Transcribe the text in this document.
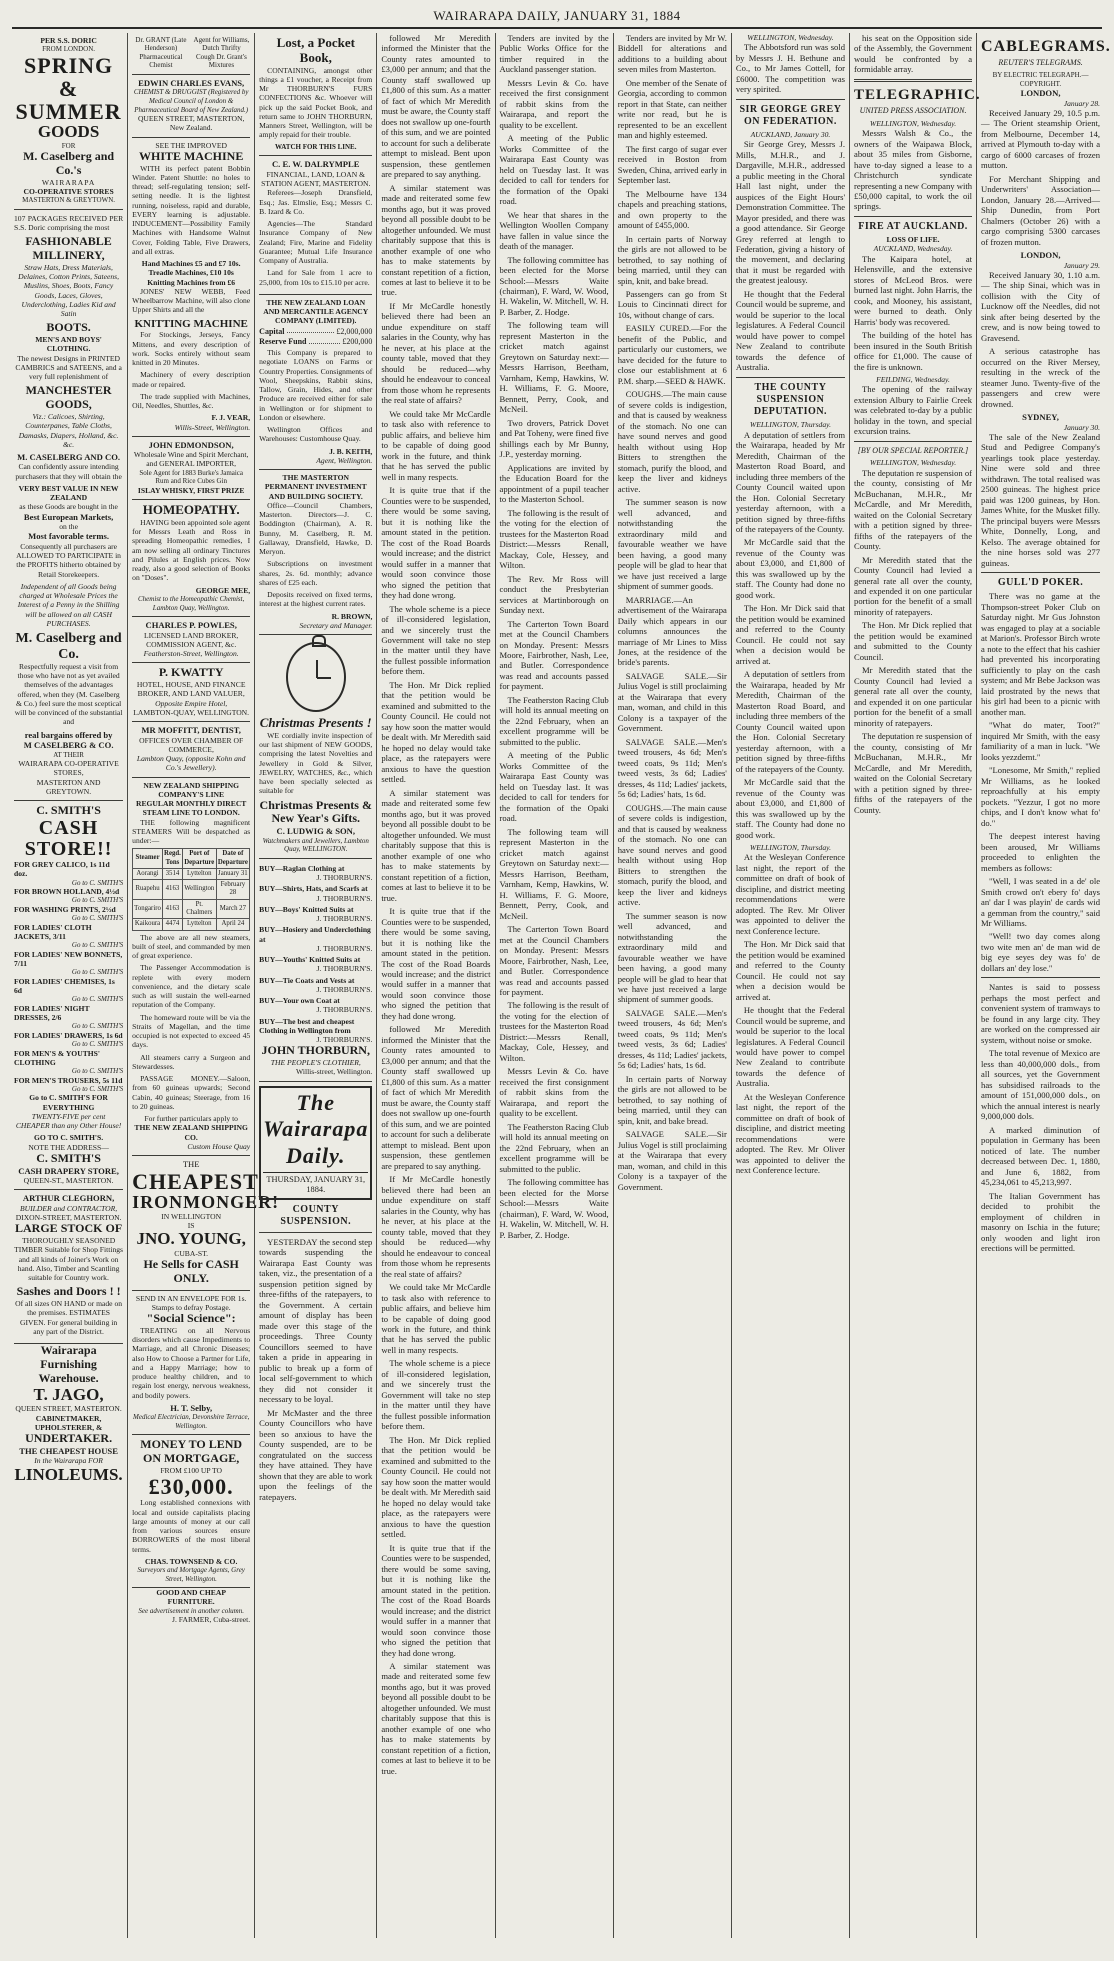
WAIRARAPA DAILY, JANUARY 31, 1884
PER S.S. DORIC
FROM LONDON.
SPRING &
SUMMER
GOODS
FOR
M. Caselberg and Co.'s
WAIRARAPA
CO-OPERATIVE STORES
MASTERTON & GREYTOWN.

107 PACKAGES RECEIVED PER S.S. Doric comprising the most

FASHIONABLE
MILLINERY,

Straw Hats, Dress Materials, Delaines, Cotton Prints, Sateens, Muslins, Shoes, Boots, Fancy Goods, Laces, Gloves, Underclothing, Ladies Kid and Satin

BOOTS.
MEN'S AND BOYS' CLOTHING.

The newest Designs in PRINTED CAMBRICS and SATEENS, and a very full replenishment of

MANCHESTER GOODS,

Viz.: Calicoes, Shirting, Counterpanes, Table Cloths, Damasks, Diapers, Holland, &c. &c.

M. CASELBERG AND CO.

Can confidently assure intending purchasers that they will obtain the

VERY BEST VALUE IN NEW ZEALAND
as these Goods are bought in the
Best European Markets,
on the
Most favorable terms.

Consequently all purchasers are ALLOWED TO PARTICIPATE in the PROFITS hitherto obtained by Retail Storekeepers.

Independent of all Goods being charged at Wholesale Prices the Interest of a Penny in the Shilling will be allowed on all CASH PURCHASES.

M. Caselberg and Co.

Respectfully request a visit from those who have not as yet availed themselves of the advantages offered, when they (M. Caselberg & Co.) feel sure the most sceptical will be convinced of the substantial and

real bargains offered by
M CASELBERG & CO.
AT THEIR
WAIRARAPA CO-OPERATIVE STORES,
MASTERTON AND GREYTOWN.
C. SMITH'S
CASH STORE!!
FOR GREY CALICO, 1s 11d doz.
Go to C. SMITH'S
FOR BROWN HOLLAND, 4½d
Go to C. SMITH'S
FOR WASHING PRINTS, 2½d
Go to C. SMITH'S
FOR LADIES' CLOTH JACKETS, 3/11
Go to C. SMITH'S
FOR LADIES' NEW BONNETS, 7/11
Go to C. SMITH'S
FOR LADIES' CHEMISES, 1s 6d
Go to C. SMITH'S
FOR LADIES' NIGHT DRESSES, 2/6
Go to C. SMITH'S
FOR LADIES' DRAWERS, 1s 6d
Go to C. SMITH'S
FOR MEN'S & YOUTHS' CLOTHING
Go to C. SMITH'S
FOR MEN'S TROUSERS, 5s 11d
Go to C. SMITH'S
Go to C. SMITH'S FOR EVERYTHING

TWENTY-FIVE per cent CHEAPER than any Other House!

GO TO C. SMITH'S.
NOTE THE ADDRESS—
C. SMITH'S
CASH DRAPERY STORE,
QUEEN-ST., MASTERTON.
ARTHUR CLEGHORN,
BUILDER and CONTRACTOR,
DIXON-STREET, MASTERTON.
LARGE STOCK OF

THOROUGHLY SEASONED TIMBER Suitable for Shop Fittings and all kinds of Joiner's Work on hand. Also, Timber and Scantling suitable for Country work.

Sashes and Doors ! !

Of all sizes ON HAND or made on the premises. ESTIMATES GIVEN. For general building in any part of the District.

Wairarapa Furnishing Warehouse.
T. JAGO,
QUEEN STREET, MASTERTON.
CABINETMAKER, UPHOLSTERER, &
UNDERTAKER.
THE CHEAPEST HOUSE
In the Wairarapa FOR
LINOLEUMS.
Dr. GRANT (Late Henderson) Pharmaceutical Chemist
Agent for Williams, Dutch Thrifty Cough Dr. Grant's Mixtures
EDWIN CHARLES EVANS,
CHEMIST & DRUGGIST (Registered by Medical Council of London & Pharmaceutical Board of New Zealand.)
QUEEN STREET, MASTERTON, New Zealand.
SEE THE IMPROVED
WHITE MACHINE

WITH its perfect patent Bobbin Winder. Patent Shuttle: no holes to thread; self-regulating tension; self-setting needle. It is the lightest running, noiseless, rapid and durable, EVERY learning is adjustable. INDUCEMENT—Possibility Family Machines with Handsome Walnut Cover, Folding Table, Five Drawers, and all extras.

Hand Machines £5 and £7 10s. Treadle Machines, £10 10s
Knitting Machines from £6

JONES' NEW WEBB, Feed Wheelbarrow Machine, will also clone Upper Shirts and all the

KNITTING MACHINE

For Stockings, Jerseys, Fancy Mittens, and every description of work. Socks entirely without seam knitted in 20 Minutes.

Machinery of every description made or repaired.

The trade supplied with Machines, Oil, Needles, Shuttles, &c.

F. J. VEAR,
Willis-Street, Wellington.
JOHN EDMONDSON,
Wholesale Wine and Spirit Merchant, and GENERAL IMPORTER,
Sole Agent for 1883 Burke's Jamaica Rum and Rice Cubes Gin
ISLAY WHISKY, FIRST PRIZE
HOMEOPATHY.

HAVING been appointed sole agent for Messrs Leath and Ross in spreading Homeopathic remedies, I am now selling all ordinary Tinctures and Pilules at English prices. Now ready, also a good selection of Books on "Doses".

GEORGE MEE,
Chemist to the Homeopathic Chemist, Lambton Quay, Wellington.
CHARLES P. POWLES,
LICENSED LAND BROKER, COMMISSION AGENT, &c.
Featherston-Street, Wellington.
P. KWATTY
HOTEL, HOUSE, AND FINANCE BROKER, AND LAND VALUER,
Opposite Empire Hotel,
LAMBTON-QUAY, WELLINGTON.
MR MOFFITT, DENTIST,
OFFICES OVER CHAMBER OF COMMERCE,
Lambton Quay, (opposite Kohn and Co.'s Jewellery).
NEW ZEALAND SHIPPING COMPANY'S LINE
REGULAR MONTHLY DIRECT STEAM LINE TO LONDON.

THE following magnificent STEAMERS Will be despatched as under:—

Steamer	Regd. Tons	Port of Departure	Date of Departure
Aorangi	3514	Lyttelton	January 31
Ruapehu	4163	Wellington	February 28
Tongariro	4163	Pt. Chalmers	March 27
Kaikoura	4474	Lyttelton	April 24

The above are all new steamers, built of steel, and commanded by men of great experience.

The Passenger Accommodation is replete with every modern convenience, and the dietary scale such as will sustain the well-earned reputation of the Company.

The homeward route will be via the Straits of Magellan, and the time occupied is not expected to exceed 45 days.

All steamers carry a Surgeon and Stewardesses.

PASSAGE MONEY.—Saloon, from 60 guineas upwards; Second Cabin, 40 guineas; Steerage, from 16 to 20 guineas.

For further particulars apply to
THE NEW ZEALAND SHIPPING CO.
Custom House Quay
THE
CHEAPEST
IRONMONGER!
IN WELLINGTON
IS
JNO. YOUNG,
CUBA-ST.
He Sells for CASH ONLY.
SEND IN AN ENVELOPE FOR 1s. Stamps to defray Postage.
"Social Science":

TREATING on all Nervous disorders which cause Impediments to Marriage, and all Chronic Diseases; also How to Choose a Partner for Life, and a Happy Marriage; how to produce healthy children, and to regain lost energy, nervous weakness, and bodily powers.

H. T. Selby,
Medical Electrician, Devonshire Terrace, Wellington.
MONEY TO LEND ON MORTGAGE,
FROM £100 UP TO
£30,000.

Long established connexions with local and outside capitalists placing large amounts of money at our call from various sources ensure BORROWERS of the most liberal terms.

CHAS. TOWNSEND & CO.
Surveyors and Mortgage Agents, Grey Street, Wellington.
GOOD AND CHEAP FURNITURE.
See advertisement in another column.
J. FARMER, Cuba-street.
Lost, a Pocket Book,

CONTAINING, amongst other things a £1 voucher, a Receipt from Mr THORBURN'S FURS CONFECTIONS &c. Whoever will pick up the said Pocket Book, and return same to JOHN THORBURN, Manners Street, Wellington, will be amply repaid for their trouble.

WATCH FOR THIS LINE.
C. E. W. DALRYMPLE
FINANCIAL, LAND, LOAN & STATION AGENT, MASTERTON.

Referees—Joseph Dransfield, Esq.; Jas. Elmslie, Esq.; Messrs C. B. Izard & Co.

Agencies—The Standard Insurance Company of New Zealand; Fire, Marine and Fidelity Guarantee; Mutual Life Insurance Company of Australia.

Land for Sale from 1 acre to 25,000, from 10s to £15.10 per acre.

THE NEW ZEALAND LOAN AND MERCANTILE AGENCY COMPANY (LIMITED).
Capital	£2,000,000
Reserve Fund	£200,000

This Company is prepared to negotiate LOANS on Farms or Country Properties. Consignments of Wool, Sheepskins, Rabbit skins, Tallow, Grain, Hides, and other Produce are received either for sale in Wellington or for shipment to London or elsewhere.

Wellington Offices and Warehouses: Customhouse Quay.

J. B. KEITH,
Agent, Wellington.
THE MASTERTON PERMANENT INVESTMENT AND BUILDING SOCIETY.

Office—Council Chambers, Masterton. Directors—J. C. Boddington (Chairman), A. R. Bunny, M. Caselberg, R. M. Gallaway, Dransfield, Hawke, D. Meryon.

Subscriptions on investment shares, 2s. 6d. monthly; advance shares of £25 each.

Deposits received on fixed terms, interest at the highest current rates.

R. BROWN,
Secretary and Manager.
Christmas Presents !

WE cordially invite inspection of our last shipment of NEW GOODS, comprising the latest Novelties and Jewellery in Gold & Silver, JEWELRY, WATCHES, &c., which have been specially selected as suitable for

Christmas Presents & New Year's Gifts.
C. LUDWIG & SON,
Watchmakers and Jewellers, Lambton Quay, WELLINGTON.
BUY—Raglan Clothing at
J. THORBURN'S.
BUY—Shirts, Hats, and Scarfs at
J. THORBURN'S.
BUY—Boys' Knitted Suits at
J. THORBURN'S.
BUY—Hosiery and Underclothing at
J. THORBURN'S.
BUY—Youths' Knitted Suits at
J. THORBURN'S.
BUY—Tie Coats and Vests at
J. THORBURN'S.
BUY—Your own Coat at
J. THORBURN'S.
BUY—The best and cheapest Clothing in Wellington from
J. THORBURN'S.
JOHN THORBURN,
THE PEOPLE'S CLOTHIER,
Willis-street, Wellington.
The Wairarapa Daily.
THURSDAY, JANUARY 31, 1884.
COUNTY SUSPENSION.

YESTERDAY the second step towards suspending the Wairarapa East County was taken, viz., the presentation of a suspension petition signed by three-fifths of the ratepayers, to the Government. A certain amount of display has been made over this stage of the proceedings. Three County Councillors seemed to have taken a pride in appearing in public to break up a form of local self-government to which they did not consider it necessary to be loyal.

Mr McMaster and the three County Councillors who have been so anxious to have the County suspended, are to be congratulated on the success they have attained. They have shown that they are able to work upon the feelings of the ratepayers.

followed Mr Meredith informed the Minister that the County rates amounted to £3,000 per annum; and that the County staff swallowed up £1,800 of this sum. As a matter of fact of which Mr Meredith must be aware, the County staff does not swallow up one-fourth of this sum, and we are pointed to account for such a deliberate attempt to mislead. Bent upon suspension, these gentlemen are prepared to say anything.

A similar statement was made and reiterated some few months ago, but it was proved beyond all possible doubt to be altogether unfounded. We must charitably suppose that this is another example of one who has to make statements by constant repetition of a fiction, comes at last to believe it to be true.

If Mr McCardle honestly believed there had been an undue expenditure on staff salaries in the County, why has he never, at his place at the county table, moved that they should be reduced—why should he endeavour to conceal from those whom he represents the real state of affairs?

We could take Mr McCardle to task also with reference to public affairs, and believe him to be capable of doing good work in the future, and think that he has served the public well in many respects.

It is quite true that if the Counties were to be suspended, there would be some saving, but it is nothing like the amount stated in the petition. The cost of the Road Boards would increase; and the district would suffer in a manner that would soon convince those who signed the petition that they had done wrong.

The whole scheme is a piece of ill-considered legislation, and we sincerely trust the Government will take no step in the matter until they have the fullest possible information before them.

The Hon. Mr Dick replied that the petition would be examined and submitted to the County Council. He could not say how soon the matter would be dealt with. Mr Meredith said he hoped no delay would take place, as the ratepayers were anxious to have the question settled.

A similar statement was made and reiterated some few months ago, but it was proved beyond all possible doubt to be altogether unfounded. We must charitably suppose that this is another example of one who has to make statements by constant repetition of a fiction, comes at last to believe it to be true.

It is quite true that if the Counties were to be suspended, there would be some saving, but it is nothing like the amount stated in the petition. The cost of the Road Boards would increase; and the district would suffer in a manner that would soon convince those who signed the petition that they had done wrong.

followed Mr Meredith informed the Minister that the County rates amounted to £3,000 per annum; and that the County staff swallowed up £1,800 of this sum. As a matter of fact of which Mr Meredith must be aware, the County staff does not swallow up one-fourth of this sum, and we are pointed to account for such a deliberate attempt to mislead. Bent upon suspension, these gentlemen are prepared to say anything.

If Mr McCardle honestly believed there had been an undue expenditure on staff salaries in the County, why has he never, at his place at the county table, moved that they should be reduced—why should he endeavour to conceal from those whom he represents the real state of affairs?

We could take Mr McCardle to task also with reference to public affairs, and believe him to be capable of doing good work in the future, and think that he has served the public well in many respects.

The whole scheme is a piece of ill-considered legislation, and we sincerely trust the Government will take no step in the matter until they have the fullest possible information before them.

The Hon. Mr Dick replied that the petition would be examined and submitted to the County Council. He could not say how soon the matter would be dealt with. Mr Meredith said he hoped no delay would take place, as the ratepayers were anxious to have the question settled.

It is quite true that if the Counties were to be suspended, there would be some saving, but it is nothing like the amount stated in the petition. The cost of the Road Boards would increase; and the district would suffer in a manner that would soon convince those who signed the petition that they had done wrong.

A similar statement was made and reiterated some few months ago, but it was proved beyond all possible doubt to be altogether unfounded. We must charitably suppose that this is another example of one who has to make statements by constant repetition of a fiction, comes at last to believe it to be true.

Tenders are invited by the Public Works Office for the timber required in the Auckland passenger station.

Messrs Levin & Co. have received the first consignment of rabbit skins from the Wairarapa, and report the quality to be excellent.

A meeting of the Public Works Committee of the Wairarapa East County was held on Tuesday last. It was decided to call for tenders for the formation of the Opaki road.

We hear that shares in the Wellington Woollen Company have fallen in value since the death of the manager.

The following committee has been elected for the Morse School:—Messrs Waite (chairman), F. Ward, W. Wood, H. Wakelin, W. Mitchell, W. H. P. Barber, Z. Hodge.

The following team will represent Masterton in the cricket match against Greytown on Saturday next:—Messrs Harrison, Beetham, Varnham, Kemp, Hawkins, W. H. Williams, F. G. Moore, Bennett, Perry, Cook, and McNeil.

Two drovers, Patrick Dovet and Pat Toheny, were fined five shillings each by Mr Bunny, J.P., yesterday morning.

Applications are invited by the Education Board for the appointment of a pupil teacher to the Masterton School.

The following is the result of the voting for the election of trustees for the Masterton Road District:—Messrs Renall, Mackay, Cole, Hessey, and Wilton.

The Rev. Mr Ross will conduct the Presbyterian services at Martinborough on Sunday next.

The Carterton Town Board met at the Council Chambers on Monday. Present: Messrs Moore, Fairbrother, Nash, Lee, and Butler. Correspondence was read and accounts passed for payment.

The Featherston Racing Club will hold its annual meeting on the 22nd February, when an excellent programme will be submitted to the public.

A meeting of the Public Works Committee of the Wairarapa East County was held on Tuesday last. It was decided to call for tenders for the formation of the Opaki road.

The following team will represent Masterton in the cricket match against Greytown on Saturday next:—Messrs Harrison, Beetham, Varnham, Kemp, Hawkins, W. H. Williams, F. G. Moore, Bennett, Perry, Cook, and McNeil.

The Carterton Town Board met at the Council Chambers on Monday. Present: Messrs Moore, Fairbrother, Nash, Lee, and Butler. Correspondence was read and accounts passed for payment.

The following is the result of the voting for the election of trustees for the Masterton Road District:—Messrs Renall, Mackay, Cole, Hessey, and Wilton.

Messrs Levin & Co. have received the first consignment of rabbit skins from the Wairarapa, and report the quality to be excellent.

The Featherston Racing Club will hold its annual meeting on the 22nd February, when an excellent programme will be submitted to the public.

The following committee has been elected for the Morse School:—Messrs Waite (chairman), F. Ward, W. Wood, H. Wakelin, W. Mitchell, W. H. P. Barber, Z. Hodge.

Tenders are invited by Mr W. Biddell for alterations and additions to a building about seven miles from Masterton.

One member of the Senate of Georgia, according to common report in that State, can neither write nor read, but he is represented to be an excellent man and highly esteemed.

The first cargo of sugar ever received in Boston from Sweden, China, arrived early in September last.

The Melbourne have 134 chapels and preaching stations, and own property to the amount of £455,000.

In certain parts of Norway the girls are not allowed to be betrothed, to say nothing of being married, until they can spin, knit, and bake bread.

Passengers can go from St Louis to Cincinnati direct for 10s, without change of cars.

EASILY CURED.—For the benefit of the Public, and particularly our customers, we have decided for the future to close our establishment at 6 P.M. sharp.—SEED & HAWK.

COUGHS.—The main cause of severe colds is indigestion, and that is caused by weakness of the stomach. No one can have sound nerves and good health without using Hop Bitters to strengthen the stomach, purify the blood, and keep the liver and kidneys active.

The summer season is now well advanced, and notwithstanding the extraordinary mild and favourable weather we have been having, a good many people will be glad to hear that we have just received a large shipment of summer goods.

MARRIAGE.—An advertisement of the Wairarapa Daily which appears in our columns announces the marriage of Mr Lines to Miss Jones, at the residence of the bride's parents.

SALVAGE SALE.—Sir Julius Vogel is still proclaiming at the Wairarapa that every man, woman, and child in this Colony is a taxpayer of the Government.

SALVAGE SALE.—Men's tweed trousers, 4s 6d; Men's tweed coats, 9s 11d; Men's tweed vests, 3s 6d; Ladies' dresses, 4s 11d; Ladies' jackets, 5s 6d; Ladies' hats, 1s 6d.

COUGHS.—The main cause of severe colds is indigestion, and that is caused by weakness of the stomach. No one can have sound nerves and good health without using Hop Bitters to strengthen the stomach, purify the blood, and keep the liver and kidneys active.

The summer season is now well advanced, and notwithstanding the extraordinary mild and favourable weather we have been having, a good many people will be glad to hear that we have just received a large shipment of summer goods.

SALVAGE SALE.—Men's tweed trousers, 4s 6d; Men's tweed coats, 9s 11d; Men's tweed vests, 3s 6d; Ladies' dresses, 4s 11d; Ladies' jackets, 5s 6d; Ladies' hats, 1s 6d.

In certain parts of Norway the girls are not allowed to be betrothed, to say nothing of being married, until they can spin, knit, and bake bread.

SALVAGE SALE.—Sir Julius Vogel is still proclaiming at the Wairarapa that every man, woman, and child in this Colony is a taxpayer of the Government.

WELLINGTON, Wednesday.

The Abbotsford run was sold by Messrs J. H. Bethune and Co., to Mr James Cottell, for £6000. The competition was very spirited.

SIR GEORGE GREY ON FEDERATION.
AUCKLAND, January 30.

Sir George Grey, Messrs J. Mills, M.H.R., and J. Dargaville, M.H.R., addressed a public meeting in the Choral Hall last night, under the auspices of the Eight Hours' Demonstration Committee. The Mayor presided, and there was a good attendance. Sir George Grey referred at length to Federation, giving a history of the movement, and declaring that it must be regarded with the greatest jealousy.

He thought that the Federal Council would be supreme, and would be superior to the local legislatures. A Federal Council would have power to compel New Zealand to contribute towards the defence of Australia.

THE COUNTY SUSPENSION DEPUTATION.
WELLINGTON, Thursday.

A deputation of settlers from the Wairarapa, headed by Mr Meredith, Chairman of the Masterton Road Board, and including three members of the County Council waited upon the Hon. Colonial Secretary yesterday afternoon, with a petition signed by three-fifths of the ratepayers of the County.

Mr McCardle said that the revenue of the County was about £3,000, and £1,800 of this was swallowed up by the staff. The County had done no good work.

The Hon. Mr Dick said that the petition would be examined and referred to the County Council. He could not say when a decision would be arrived at.

A deputation of settlers from the Wairarapa, headed by Mr Meredith, Chairman of the Masterton Road Board, and including three members of the County Council waited upon the Hon. Colonial Secretary yesterday afternoon, with a petition signed by three-fifths of the ratepayers of the County.

Mr McCardle said that the revenue of the County was about £3,000, and £1,800 of this was swallowed up by the staff. The County had done no good work.

WELLINGTON, Thursday.

At the Wesleyan Conference last night, the report of the committee on draft of book of discipline, and district meeting recommendations were adopted. The Rev. Mr Oliver was appointed to deliver the next Conference lecture.

The Hon. Mr Dick said that the petition would be examined and referred to the County Council. He could not say when a decision would be arrived at.

He thought that the Federal Council would be supreme, and would be superior to the local legislatures. A Federal Council would have power to compel New Zealand to contribute towards the defence of Australia.

At the Wesleyan Conference last night, the report of the committee on draft of book of discipline, and district meeting recommendations were adopted. The Rev. Mr Oliver was appointed to deliver the next Conference lecture.

his seat on the Opposition side of the Assembly, the Government would be confronted by a formidable array.

TELEGRAPHIC.
UNITED PRESS ASSOCIATION.
WELLINGTON, Wednesday.

Messrs Walsh & Co., the owners of the Waipawa Block, about 35 miles from Gisborne, have to-day signed a lease to a Christchurch syndicate representing a new Company with £50,000 capital, to work the oil springs.

FIRE AT AUCKLAND.
LOSS OF LIFE.
AUCKLAND, Wednesday.

The Kaipara hotel, at Helensville, and the extensive stores of McLeod Bros. were burned last night. John Harris, the cook, and Mooney, his assistant, were burned to death. Only Harris' body was recovered.

The building of the hotel has been insured in the South British office for £1,000. The cause of the fire is unknown.

FEILDING, Wednesday.

The opening of the railway extension Albury to Fairlie Creek was celebrated to-day by a public holiday in the town, and special excursion trains.

[BY OUR SPECIAL REPORTER.]
WELLINGTON, Wednesday.

The deputation re suspension of the county, consisting of Mr McBuchanan, M.H.R., Mr McCardle, and Mr Meredith, waited on the Colonial Secretary with a petition signed by three-fifths of the ratepayers of the County.

Mr Meredith stated that the County Council had levied a general rate all over the county, and expended it on one particular portion for the benefit of a small minority of ratepayers.

The Hon. Mr Dick replied that the petition would be examined and submitted to the County Council.

Mr Meredith stated that the County Council had levied a general rate all over the county, and expended it on one particular portion for the benefit of a small minority of ratepayers.

The deputation re suspension of the county, consisting of Mr McBuchanan, M.H.R., Mr McCardle, and Mr Meredith, waited on the Colonial Secretary with a petition signed by three-fifths of the ratepayers of the County.

CABLEGRAMS.
REUTER'S TELEGRAMS.
BY ELECTRIC TELEGRAPH.—COPYRIGHT.
LONDON,
January 28.

Received January 29, 10.5 p.m.— The Orient steamship Orient, from Melbourne, December 14, arrived at Plymouth to-day with a cargo of 6000 carcases of frozen mutton.

For Merchant Shipping and Underwriters' Association—London, January 28.—Arrived—Ship Dunedin, from Port Chalmers (October 26) with a cargo comprising 5300 carcases of frozen mutton.

LONDON,
January 29.

Received January 30, 1.10 a.m.— The ship Sinai, which was in collision with the City of Lucknow off the Needles, did not sink after being deserted by the crew, and is now being towed to Gravesend.

A serious catastrophe has occurred on the River Mersey, resulting in the wreck of the steamer Juno. Twenty-five of the passengers and crew were drowned.

SYDNEY,
January 30.

The sale of the New Zealand Stud and Pedigree Company's yearlings took place yesterday. Nine were sold and three withdrawn. The total realised was 2500 guineas. The highest price paid was 1200 guineas, by Hon. James White, for the Musket filly. The principal buyers were Messrs White, Donnelly, Long, and Kelso. The average obtained for the nine horses sold was 277 guineas.

GULL'D POKER.

There was no game at the Thompson-street Poker Club on Saturday night. Mr Gus Johnston was engaged to play at a sociable at Marion's. Professor Birch wrote a note to the effect that his cashier had prevented his incorporating sufficiently to play on the cash system; and Mr Bebe Jackson was laid prostrated by the news that his girl had been to a picnic with another man.

"What do mater, Toot?" inquired Mr Smith, with the easy familiarity of a man in luck. "We looks yezzdemt."

"Lonesome, Mr Smith," replied Mr Williams, as he looked reproachfully at his empty pockets. "Yezzur, I got no more chips, and I don't know what fo' do."

The deepest interest having been aroused, Mr Williams proceeded to enlighten the members as follows:

"Well, I was seated in a de' ole Smith crowd on't ebery fo' days an' dar I was playin' de cards wid a gemman from the country," said Mr Williams.

"Well! two day comes along two wite men an' de man wid de big eye seyes dey was fo' de dollars an' dey lose."

Nantes is said to possess perhaps the most perfect and convenient system of tramways to be found in any large city. They are worked on the compressed air system, without noise or smoke.

The total revenue of Mexico are less than 40,000,000 dols., from all sources, yet the Government has subsidised railroads to the amount of 151,000,000 dols., on which the annual interest is nearly 9,000,000 dols.

A marked diminution of population in Germany has been noticed of late. The number decreased between Dec. 1, 1880, and June 6, 1882, from 45,234,061 to 45,213,997.

The Italian Government has decided to prohibit the employment of children in masonry on Ischia in the future; only wooden and light iron erections will be permitted.
